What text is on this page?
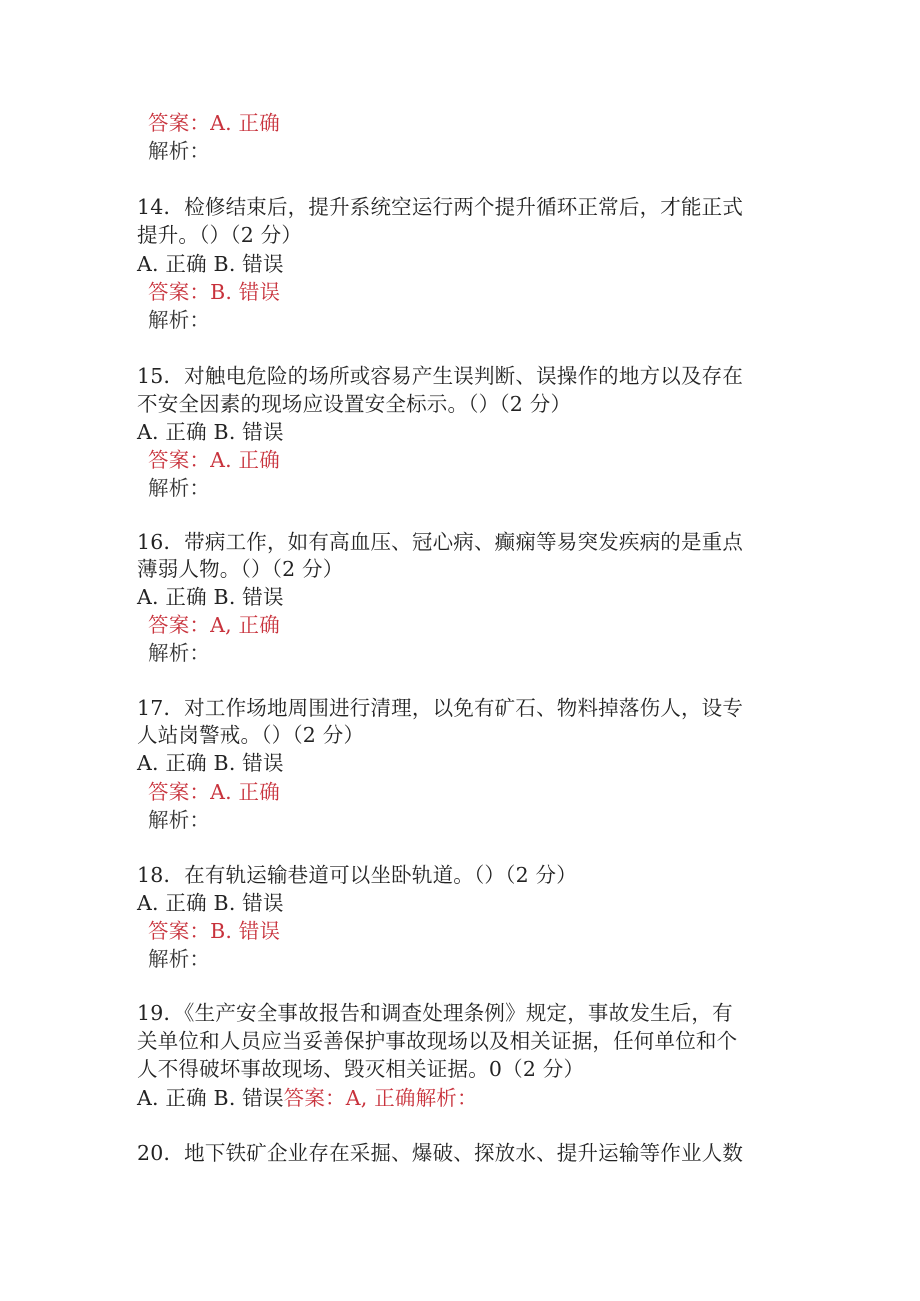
答案：A. 正确
解析：
14．检修结束后，提升系统空运行两个提升循环正常后，才能正式
提升。（）（2 分）
A. 正确 B. 错误
答案：B. 错误
解析：
15．对触电危险的场所或容易产生误判断、误操作的地方以及存在
不安全因素的现场应设置安全标示。（）（2 分）
A. 正确 B. 错误
答案：A. 正确
解析：
16．带病工作，如有高血压、冠心病、癫痫等易突发疾病的是重点
薄弱人物。（）（2 分）
A. 正确 B. 错误
答案：A, 正确
解析：
17．对工作场地周围进行清理，以免有矿石、物料掉落伤人，设专
人站岗警戒。（）（2 分）
A. 正确 B. 错误
答案：A. 正确
解析：
18．在有轨运输巷道可以坐卧轨道。（）（2 分）
A. 正确 B. 错误
答案：B. 错误
解析：
19．《生产安全事故报告和调查处理条例》规定，事故发生后，有
关单位和人员应当妥善保护事故现场以及相关证据，任何单位和个
人不得破坏事故现场、毁灭相关证据。0（2 分）
A. 正确 B. 错误答案：A, 正确解析：
20．地下铁矿企业存在采掘、爆破、探放水、提升运输等作业人数
